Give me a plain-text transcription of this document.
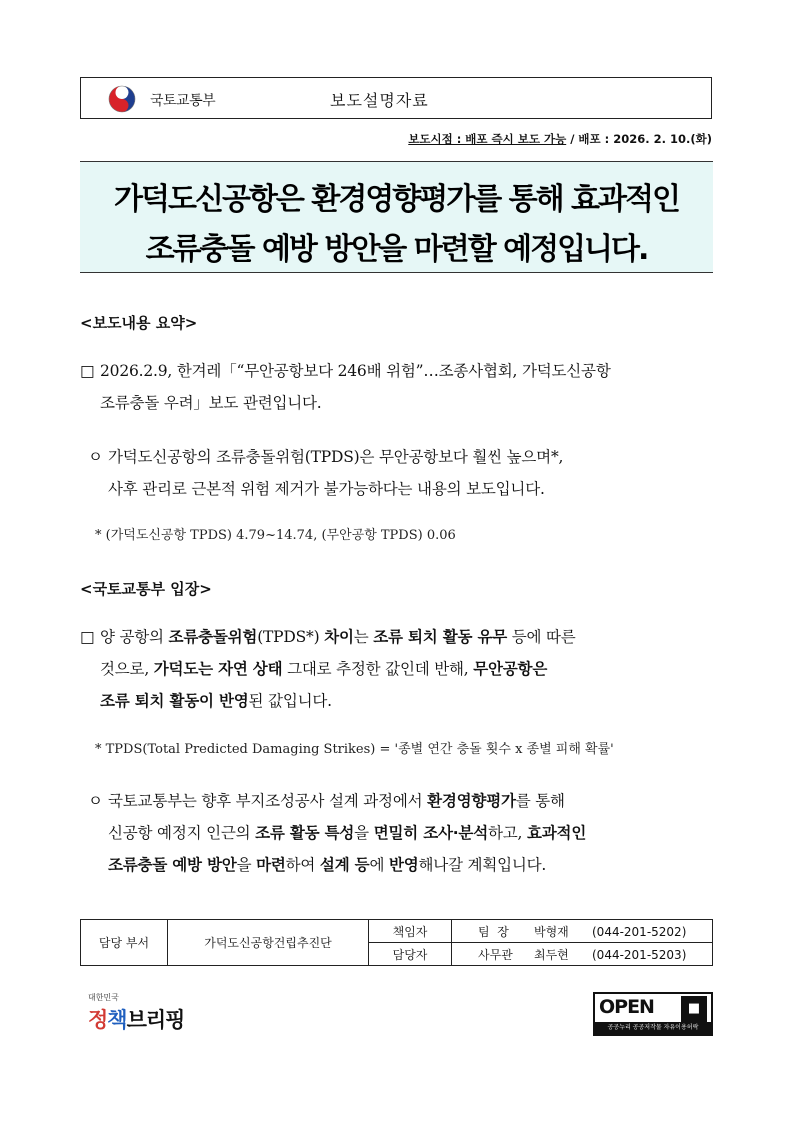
국토교통부	보도설명자료
보도시점 : 배포 즉시 보도 가능 / 배포 : 2026. 2. 10.(화)
가덕도신공항은 환경영향평가를 통해 효과적인
조류충돌 예방 방안을 마련할 예정입니다.
<보도내용 요약>
□ 2026.2.9, 한겨레「“무안공항보다 246배 위험”…조종사협회, 가덕도신공항
조류충돌 우려」보도 관련입니다.
ㅇ 가덕도신공항의 조류충돌위험(TPDS)은 무안공항보다 훨씬 높으며*,
사후 관리로 근본적 위험 제거가 불가능하다는 내용의 보도입니다.
* (가덕도신공항 TPDS) 4.79~14.74, (무안공항 TPDS) 0.06
<국토교통부 입장>
□ 양 공항의 조류충돌위험(TPDS*) 차이는 조류 퇴치 활동 유무 등에 따른
것으로, 가덕도는 자연 상태 그대로 추정한 값인데 반해, 무안공항은
조류 퇴치 활동이 반영된 값입니다.
* TPDS(Total Predicted Damaging Strikes) = '종별 연간 충돌 횟수 x 종별 피해 확률'
ㅇ 국토교통부는 향후 부지조성공사 설계 과정에서 환경영향평가를 통해
신공항 예정지 인근의 조류 활동 특성을 면밀히 조사·분석하고, 효과적인
조류충돌 예방 방안을 마련하여 설계 등에 반영해나갈 계획입니다.
담당 부서	가덕도신공항건립추진단	책임자	팀  장 박형재 (044-201-5202)
		담당자	사무관 최두현 (044-201-5203)
대한민국
정책브리핑
OPEN	■
공공누리 공공저작물 자유이용허락
